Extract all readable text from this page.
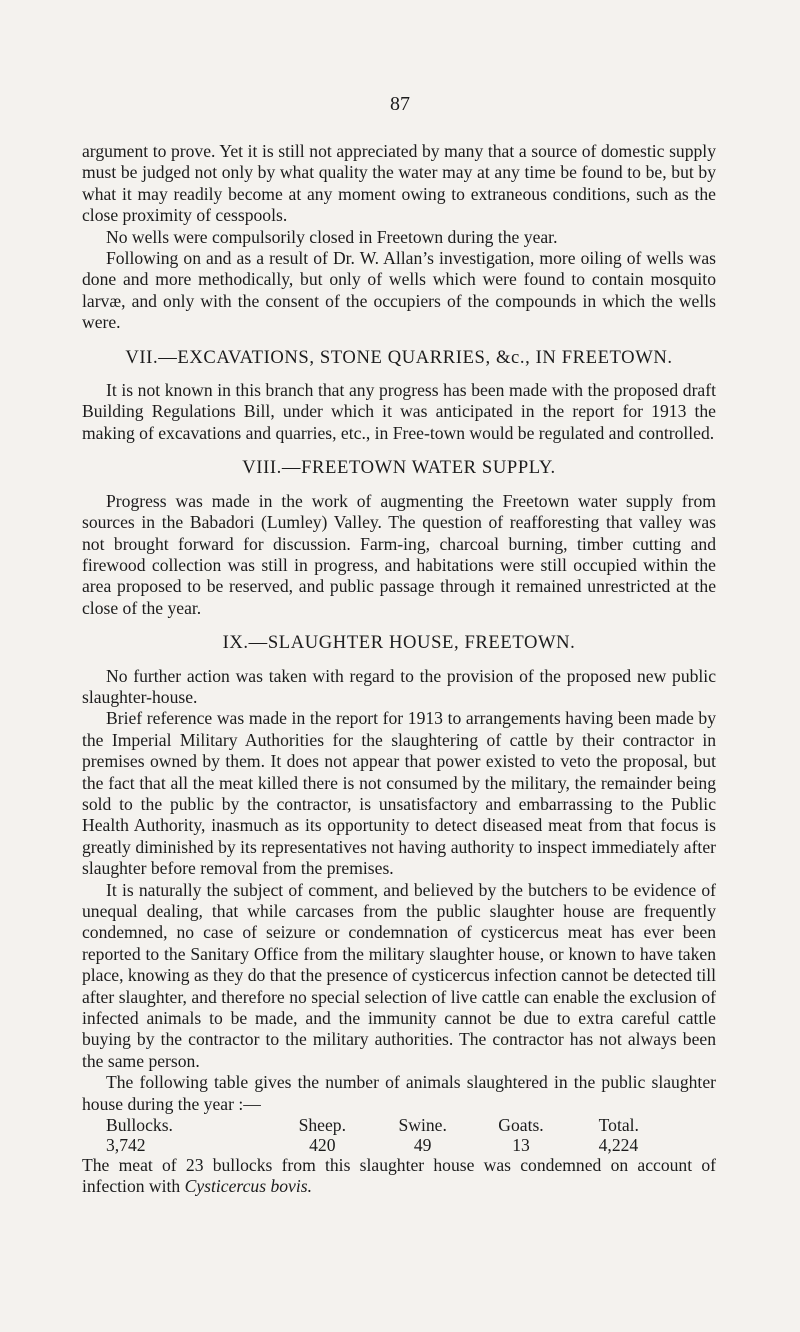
87

argument to prove. Yet it is still not appreciated by many that a source of domestic supply must be judged not only by what quality the water may at any time be found to be, but by what it may readily become at any moment owing to extraneous conditions, such as the close proximity of cesspools.

No wells were compulsorily closed in Freetown during the year.

Following on and as a result of Dr. W. Allan’s investigation, more oiling of wells was done and more methodically, but only of wells which were found to contain mosquito larvæ, and only with the consent of the occupiers of the compounds in which the wells were.

VII.—EXCAVATIONS, STONE QUARRIES, &c., IN FREETOWN.

It is not known in this branch that any progress has been made with the proposed draft Building Regulations Bill, under which it was anticipated in the report for 1913 the making of excavations and quarries, etc., in Free-town would be regulated and controlled.

VIII.—FREETOWN WATER SUPPLY.

Progress was made in the work of augmenting the Freetown water supply from sources in the Babadori (Lumley) Valley. The question of reafforesting that valley was not brought forward for discussion. Farm-ing, charcoal burning, timber cutting and firewood collection was still in progress, and habitations were still occupied within the area proposed to be reserved, and public passage through it remained unrestricted at the close of the year.

IX.—SLAUGHTER HOUSE, FREETOWN.

No further action was taken with regard to the provision of the proposed new public slaughter-house.

Brief reference was made in the report for 1913 to arrangements having been made by the Imperial Military Authorities for the slaughtering of cattle by their contractor in premises owned by them. It does not appear that power existed to veto the proposal, but the fact that all the meat killed there is not consumed by the military, the remainder being sold to the public by the contractor, is unsatisfactory and embarrassing to the Public Health Authority, inasmuch as its opportunity to detect diseased meat from that focus is greatly diminished by its representatives not having authority to inspect immediately after slaughter before removal from the premises.

It is naturally the subject of comment, and believed by the butchers to be evidence of unequal dealing, that while carcases from the public slaughter house are frequently condemned, no case of seizure or condemnation of cysticercus meat has ever been reported to the Sanitary Office from the military slaughter house, or known to have taken place, knowing as they do that the presence of cysticercus infection cannot be detected till after slaughter, and therefore no special selection of live cattle can enable the exclusion of infected animals to be made, and the immunity cannot be due to extra careful cattle buying by the contractor to the military authorities. The contractor has not always been the same person.

The following table gives the number of animals slaughtered in the public slaughter house during the year :—

Bullocks.	Sheep.	Swine.	Goats.	Total.
3,742	420	49	13	4,224

The meat of 23 bullocks from this slaughter house was condemned on account of infection with Cysticercus bovis.
